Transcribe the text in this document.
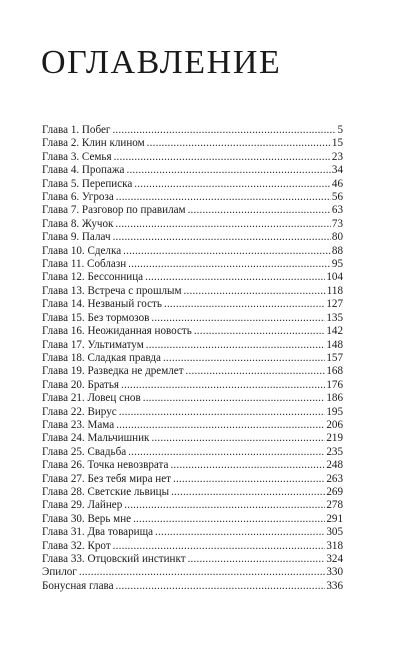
ОГЛАВЛЕНИЕ
Глава 1. Побег .....	5
Глава 2. Клин клином .....	15
Глава 3. Семья .....	23
Глава 4. Пропажа .....	34
Глава 5. Переписка .....	46
Глава 6. Угроза .....	56
Глава 7. Разговор по правилам .....	63
Глава 8. Жучок .....	73
Глава 9. Палач .....	80
Глава 10. Сделка .....	88
Глава 11. Соблазн .....	95
Глава 12. Бессонница .....	104
Глава 13. Встреча с прошлым .....	118
Глава 14. Незваный гость .....	127
Глава 15. Без тормозов .....	135
Глава 16. Неожиданная новость .....	142
Глава 17. Ультиматум .....	148
Глава 18. Сладкая правда .....	157
Глава 19. Разведка не дремлет .....	168
Глава 20. Братья .....	176
Глава 21. Ловец снов .....	186
Глава 22. Вирус .....	195
Глава 23. Мама .....	206
Глава 24. Мальчишник .....	219
Глава 25. Свадьба .....	235
Глава 26. Точка невозврата .....	248
Глава 27. Без тебя мира нет .....	263
Глава 28. Светские львицы .....	269
Глава 29. Лайнер .....	278
Глава 30. Верь мне .....	291
Глава 31. Два товарища .....	305
Глава 32. Крот .....	318
Глава 33. Отцовский инстинкт .....	324
Эпилог .....	330
Бонусная глава .....	336
